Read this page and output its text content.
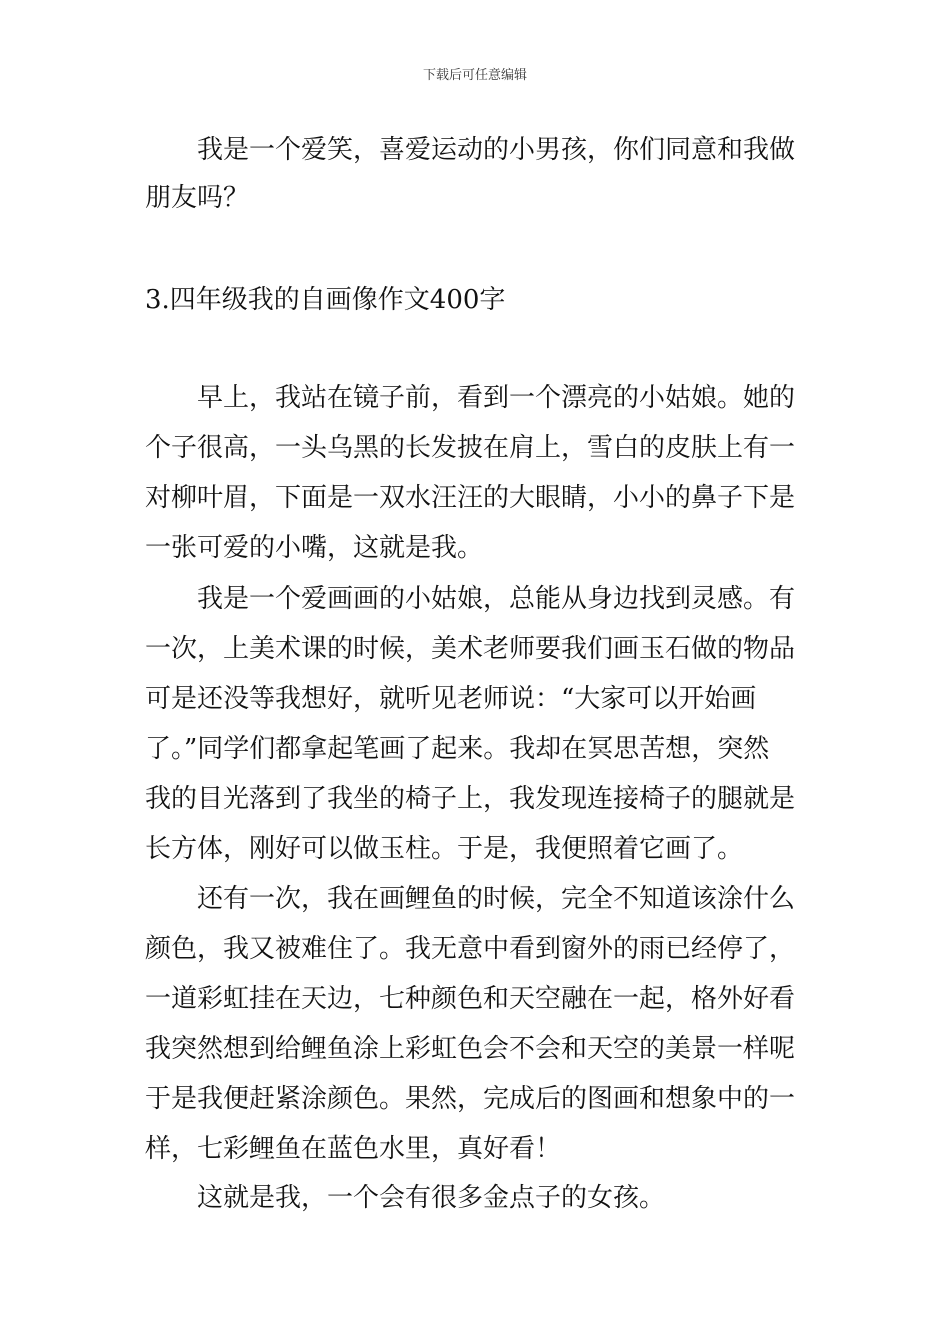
下载后可任意编辑
　　我是一个爱笑，喜爱运动的小男孩，你们同意和我做
朋友吗？
3.四年级我的自画像作文400字
　　早上，我站在镜子前，看到一个漂亮的小姑娘。她的
个子很高，一头乌黑的长发披在肩上，雪白的皮肤上有一
对柳叶眉，下面是一双水汪汪的大眼睛，小小的鼻子下是
一张可爱的小嘴，这就是我。
　　我是一个爱画画的小姑娘，总能从身边找到灵感。有
一次，上美术课的时候，美术老师要我们画玉石做的物品
可是还没等我想好，就听见老师说：“大家可以开始画
了。”同学们都拿起笔画了起来。我却在冥思苦想，突然
我的目光落到了我坐的椅子上，我发现连接椅子的腿就是
长方体，刚好可以做玉柱。于是，我便照着它画了。
　　还有一次，我在画鲤鱼的时候，完全不知道该涂什么
颜色，我又被难住了。我无意中看到窗外的雨已经停了，
一道彩虹挂在天边，七种颜色和天空融在一起，格外好看
我突然想到给鲤鱼涂上彩虹色会不会和天空的美景一样呢
于是我便赶紧涂颜色。果然，完成后的图画和想象中的一
样，七彩鲤鱼在蓝色水里，真好看！
　　这就是我，一个会有很多金点子的女孩。
